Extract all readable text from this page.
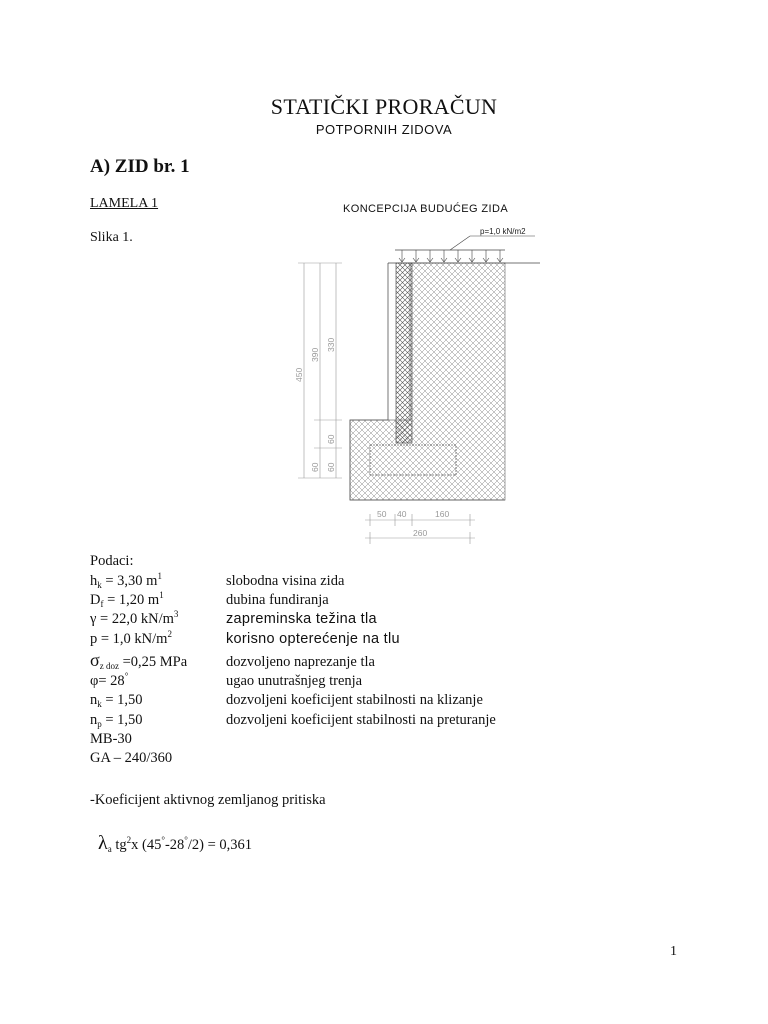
STATIČKI PRORAČUN
POTPORNIH ZIDOVA
A) ZID br. 1
LAMELA 1
Slika 1.
KONCEPCIJA BUDUĆEG ZIDA
p=1,0 kN/m2
450
390
330
60
60 60
50 40	160
260
Podaci:
$h_k = 3,30$ $m^1$	slobodna visina zida
$D_f = 1,20$ $m^1$	dubina fundiranja
γ = 22,0 $kN/m^3$	zapreminska težina tla
p = 1,0 $kN/m^2$	korisno opterećenje na tlu
$\sigma_{z doz} =0,25$ MPa	dozvoljeno naprezanje tla
φ= 28°	ugao unutrašnjeg trenja
$n_k = 1,50$	dozvoljeni koeficijent stabilnosti na klizanje
$n_p = 1,50$	dozvoljeni koeficijent stabilnosti na preturanje
MB-30
GA – 240/360
-Koeficijent aktivnog zemljanog pritiska
$\lambda_a$ $tg^2x$ (45°-28°/2) = 0,361
1
